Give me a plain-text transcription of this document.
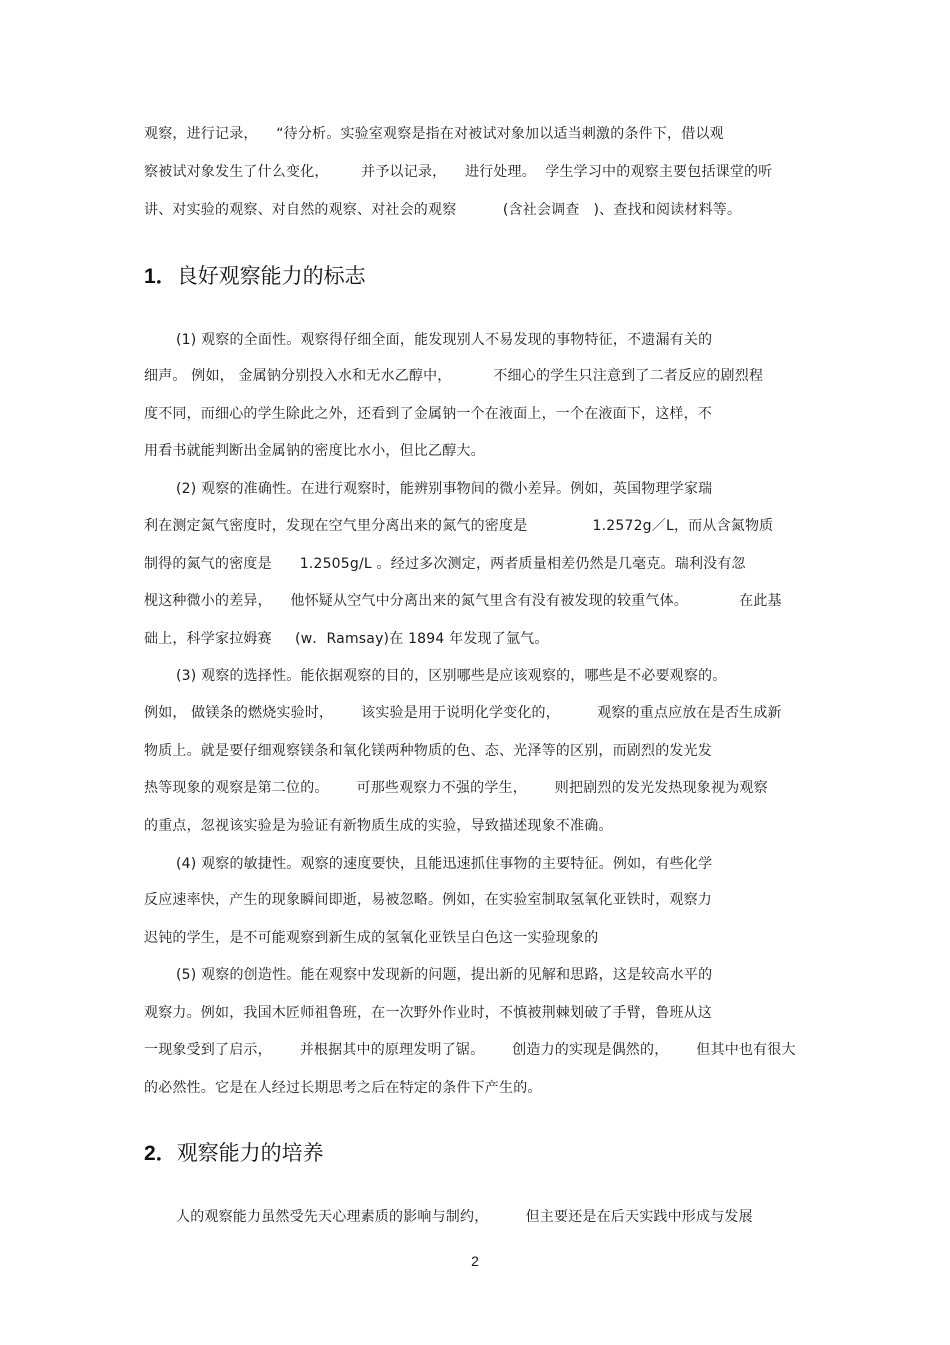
观察，进行记录，    “待分析。实验室观察是指在对被试对象加以适当刺激的条件下，借以观
察被试对象发生了什么变化，       并予以记录，    进行处理。  学生学习中的观察主要包括课堂的听
讲、对实验的观察、对自然的观察、对社会的观察          (含社会调查   )、查找和阅读材料等。
1．良好观察能力的标志
(1) 观察的全面性。观察得仔细全面，能发现别人不易发现的事物特征，不遗漏有关的
细声。 例如， 金属钠分别投入水和无水乙醇中，         不细心的学生只注意到了二者反应的剧烈程
度不同，而细心的学生除此之外，还看到了金属钠一个在液面上，一个在液面下，这样，不
用看书就能判断出金属钠的密度比水小，但比乙醇大。
(2) 观察的准确性。在进行观察时，能辨别事物间的微小差异。例如，英国物理学家瑞
利在测定氮气密度时，发现在空气里分离出来的氮气的密度是              1.2572g／L，而从含氮物质
制得的氮气的密度是      1.2505g/L 。经过多次测定，两者质量相差仍然是几毫克。瑞利没有忽
枧这种微小的差异，    他怀疑从空气中分离出来的氮气里含有没有被发现的较重气体。           在此基
础上，科学家拉姆赛     (w．Ramsay)在 1894 年发现了氩气。
(3) 观察的选择性。能依据观察的目的，区别哪些是应该观察的，哪些是不必要观察的。
例如， 做镁条的燃烧实验时，      该实验是用于说明化学变化的，        观察的重点应放在是否生成新
物质上。就是要仔细观察镁条和氧化镁两种物质的色、态、光泽等的区别，而剧烈的发光发
热等现象的观察是第二位的。      可那些观察力不强的学生，      则把剧烈的发光发热现象视为观察
的重点，忽视该实验是为验证有新物质生成的实验，导致描述现象不准确。
(4) 观察的敏捷性。观察的速度要快，且能迅速抓住事物的主要特征。例如，有些化学
反应速率快，产生的现象瞬间即逝，易被忽略。例如，在实验室制取氢氧化亚铁时，观察力
迟钝的学生，是不可能观察到新生成的氢氧化亚铁呈白色这一实验现象的
(5) 观察的创造性。能在观察中发现新的问题，提出新的见解和思路，这是较高水平的
观察力。例如，我国木匠师祖鲁班，在一次野外作业时，不慎被荆棘划破了手臂，鲁班从这
一现象受到了启示，      并根据其中的原理发明了锯。      创造力的实现是偶然的，      但其中也有很大
的必然性。它是在人经过长期思考之后在特定的条件下产生的。
2．观察能力的培养
人的观察能力虽然受先天心理素质的影响与制约，        但主要还是在后天实践中形成与发展
2
